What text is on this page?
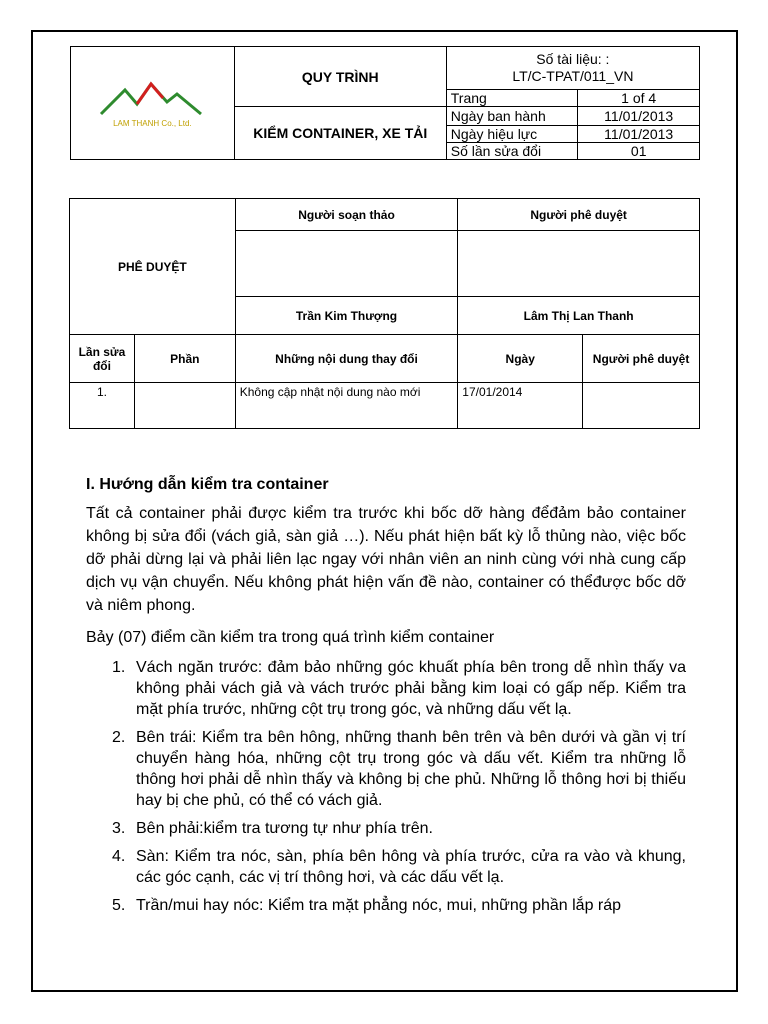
LAM THANH Co., Ltd.	QUY TRÌNH	Số tài liệu: :
LT/C-TPAT/011_VN	
		Trang	1 of 4
	KIỂM CONTAINER, XE TẢI	Ngày ban hành	11/01/2013
		Ngày hiệu lực	11/01/2013
		Số lần sửa đổi	01
PHÊ DUYỆT		Người soạn thảo	Người phê duyệt	

		Trần Kim Thượng	Lâm Thị Lan Thanh	
Lần sửa đổi	Phần	Những nội dung thay đổi	Ngày	Người phê duyệt
1.		Không cập nhật nội dung nào mới	17/01/2014	

I. Hướng dẫn kiểm tra container

Tất cả container phải được kiểm tra trước khi bốc dỡ hàng đểđảm bảo container không bị sửa đổi (vách giả, sàn giả …). Nếu phát hiện bất kỳ lỗ thủng nào, việc bốc dỡ phải dừng lại và phải liên lạc ngay với nhân viên an ninh cùng với nhà cung cấp dịch vụ vận chuyển. Nếu không phát hiện vấn đề nào, container có thểđược bốc dỡ và niêm phong.

Bảy (07) điểm cần kiểm tra trong quá trình kiểm container

1. Vách ngăn trước: đảm bảo những góc khuất phía bên trong dễ nhìn thấy va không phải vách giả và vách trước phải bằng kim loại có gấp nếp. Kiểm tra mặt phía trước, những cột trụ trong góc, và những dấu vết lạ.
2. Bên trái: Kiểm tra bên hông, những thanh bên trên và bên dưới và gần vị trí chuyển hàng hóa, những cột trụ trong góc và dấu vết. Kiểm tra những lỗ thông hơi phải dễ nhìn thấy và không bị che phủ. Những lỗ thông hơi bị thiếu hay bị che phủ, có thể có vách giả.
3. Bên phải:kiểm tra tương tự như phía trên.
4. Sàn: Kiểm tra nóc, sàn, phía bên hông và phía trước, cửa ra vào và khung, các góc cạnh, các vị trí thông hơi, và các dấu vết lạ.
5. Trần/mui hay nóc: Kiểm tra mặt phẳng nóc, mui, những phần lắp ráp
